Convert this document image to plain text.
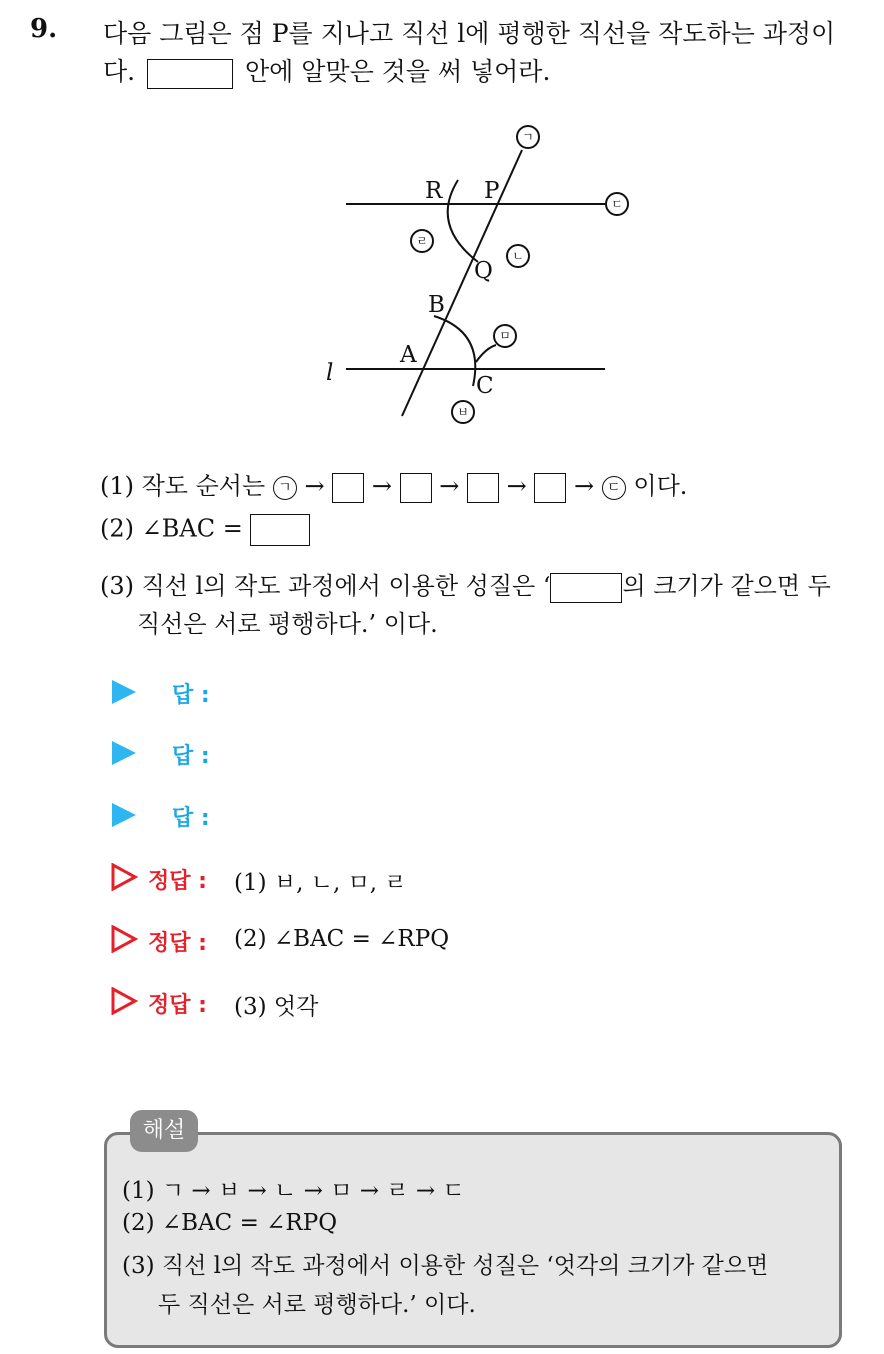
9. 다음 그림은 점 P를 지나고 직선 l에 평행한 직선을 작도하는 과정이
다.	안에 알맞은 것을 써 넣어라.
R P
Q
B
A
C
l
ㄱ
ㄷ
ㄹ
ㄴ
ㅁ
ㅂ
(1) 작도 순서는 ㄱ → → → → → ㄷ 이다.
(2) ∠BAC =
(3) 직선 l의 작도 과정에서 이용한 성질은 ‘	의 크기가 같으면 두
직선은 서로 평행하다.’ 이다.
답 :
답 :
답 :
정답 : (1) ㅂ, ㄴ, ㅁ, ㄹ
정답 : (2) ∠BAC = ∠RPQ
정답 : (3) 엇각
해설
(1) ㄱ → ㅂ → ㄴ → ㅁ → ㄹ → ㄷ
(2) ∠BAC = ∠RPQ
(3) 직선 l의 작도 과정에서 이용한 성질은 ‘엇각의 크기가 같으면
두 직선은 서로 평행하다.’ 이다.
